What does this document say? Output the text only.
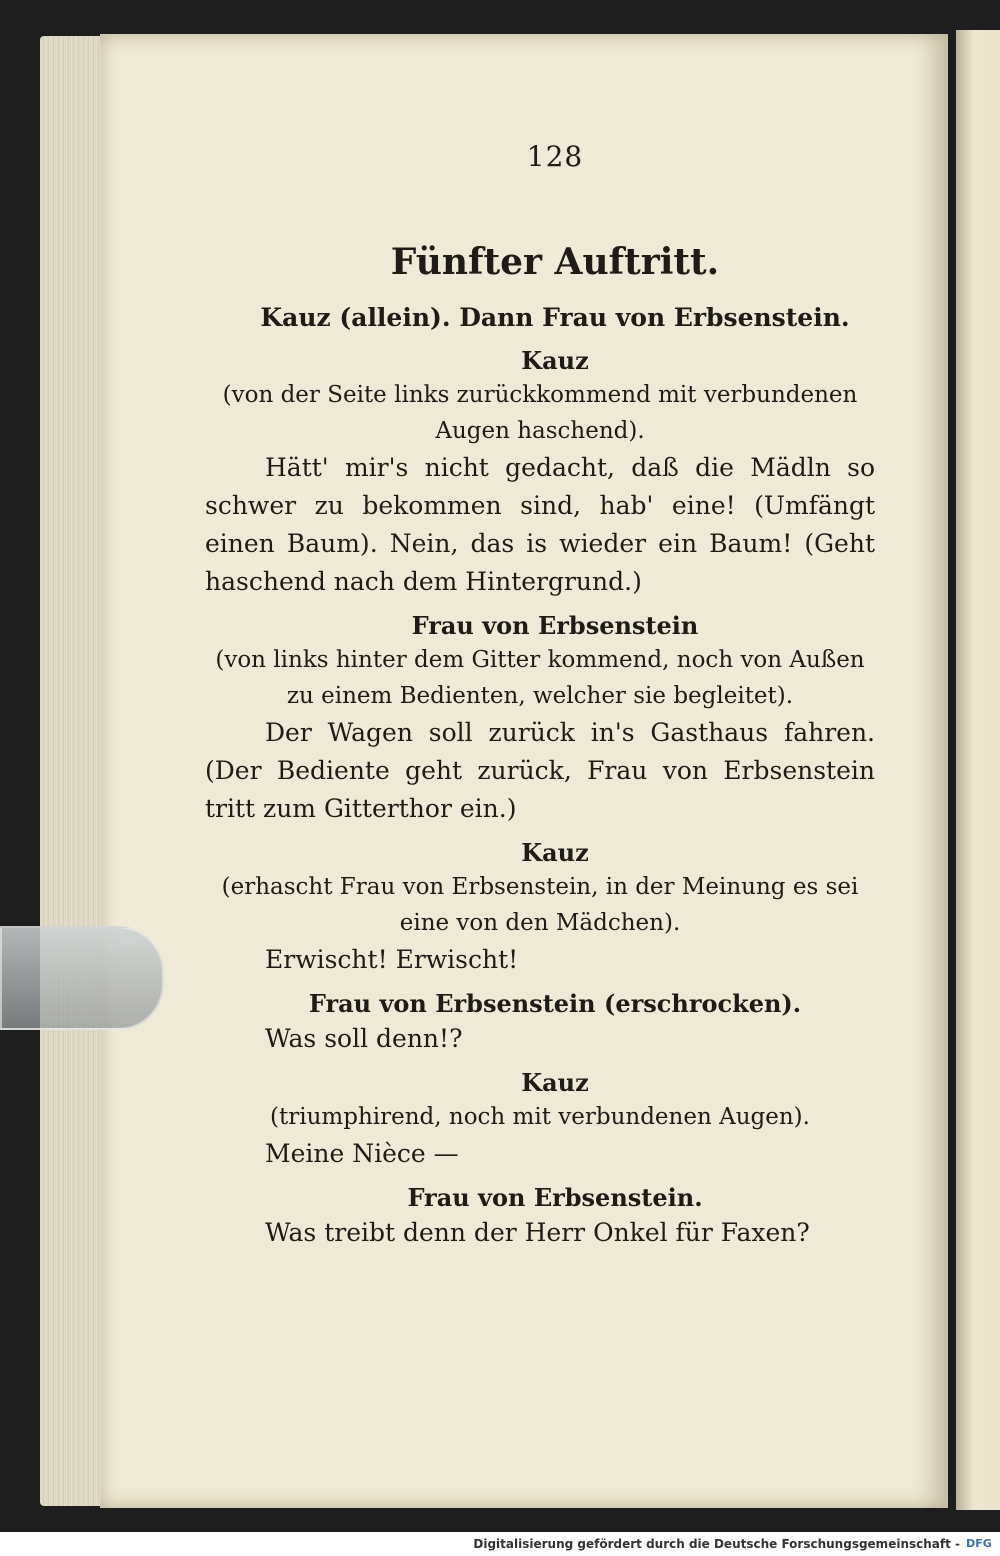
128
Fünfter Auftritt.
Kauz (allein). Dann Frau von Erbsenstein.
Kauz
(von der Seite links zurückkommend mit verbundenen Augen haschend).
Hätt' mir's nicht gedacht, daß die Mädln so schwer zu bekommen sind, hab' eine! (Umfängt einen Baum). Nein, das is wieder ein Baum! (Geht haschend nach dem Hintergrund.)
Frau von Erbsenstein
(von links hinter dem Gitter kommend, noch von Außen zu einem Bedienten, welcher sie begleitet).
Der Wagen soll zurück in's Gasthaus fahren. (Der Bediente geht zurück, Frau von Erbsenstein tritt zum Gitterthor ein.)
Kauz
(erhascht Frau von Erbsenstein, in der Meinung es sei eine von den Mädchen).
Erwischt! Erwischt!
Frau von Erbsenstein (erschrocken).
Was soll denn!?
Kauz
(triumphirend, noch mit verbundenen Augen).
Meine Nièce —
Frau von Erbsenstein.
Was treibt denn der Herr Onkel für Faxen?
Digitalisierung gefördert durch die Deutsche Forschungsgemeinschaft - DFG
